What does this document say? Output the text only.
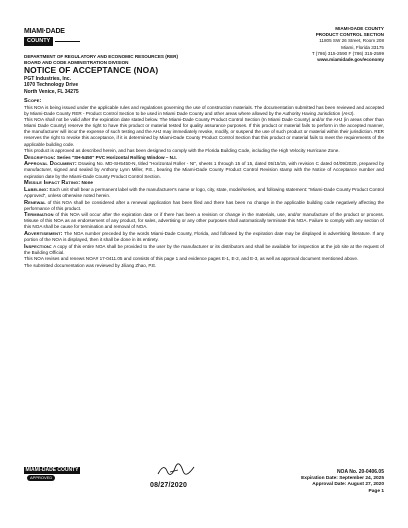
MIAMI·DADE
COUNTY
MIAMI-DADE COUNTY
PRODUCT CONTROL SECTION
11805 SW 26 Street, Room 208
Miami, Florida 33175
T (786) 315-2590 F (786) 315-2599
www.miamidade.gov/economy
DEPARTMENT OF REGULATORY AND ECONOMIC RESOURCES (RER)
BOARD AND CODE ADMINISTRATION DIVISION
NOTICE OF ACCEPTANCE (NOA)
PGT Industries, Inc.
1070 Technology Drive
North Venice, FL 34275

Scope:

This NOA is being issued under the applicable rules and regulations governing the use of construction materials. The documentation submitted has been reviewed and accepted by Miami-Dade County RER - Product Control Section to be used in Miami Dade County and other areas where allowed by the Authority Having Jurisdiction (AHJ).

This NOA shall not be valid after the expiration date stated below. The Miami-Dade County Product Control Section (In Miami Dade County) and/or the AHJ (in areas other than Miami Dade County) reserve the right to have this product or material tested for quality assurance purposes. If this product or material fails to perform in the accepted manner, the manufacturer will incur the expense of such testing and the AHJ may immediately revoke, modify, or suspend the use of such product or material within their jurisdiction. RER reserves the right to revoke this acceptance, if it is determined by Miami-Dade County Product Control Section that this product or material fails to meet the requirements of the applicable building code.

This product is approved as described herein, and has been designed to comply with the Florida Building Code, including the High Velocity Hurricane Zone.

Description: Series "SH-5450" PVC Horizontal Rolling Window – N.I.

Approval Document: Drawing No. MD-SH5450-N, titled "Horizontal Roller - NI", sheets 1 through 15 of 15, dated 05/15/15, with revision C dated 04/09/2020, prepared by manufacturer, signed and sealed by Anthony Lynn Miller, P.E., bearing the Miami-Dade County Product Control Revision stamp with the Notice of Acceptance number and expiration date by the Miami-Dade County Product Control Section.

Missile Impact Rating: None

Labeling: Each unit shall bear a permanent label with the manufacturer's name or logo, city, state, model/series, and following statement: "Miami-Dade County Product Control Approved", unless otherwise noted herein.

Renewal of this NOA shall be considered after a renewal application has been filed and there has been no change in the applicable building code negatively affecting the performance of this product.

Termination of this NOA will occur after the expiration date or if there has been a revision or change in the materials, use, and/or manufacture of the product or process. Misuse of this NOA as an endorsement of any product, for sales, advertising or any other purposes shall automatically terminate this NOA. Failure to comply with any section of this NOA shall be cause for termination and removal of NOA.

Advertisement: The NOA number preceded by the words Miami-Dade County, Florida, and followed by the expiration date may be displayed in advertising literature. If any portion of the NOA is displayed, then it shall be done in its entirety.

Inspection: A copy of this entire NOA shall be provided to the user by the manufacturer or its distributors and shall be available for inspection at the job site at the request of the Building Official.

This NOA revises and renews NOA# 17-0411.05 and consists of this page 1 and evidence pages E-1, E-2, and E-3, as well as approval document mentioned above.

The submitted documentation was reviewed by Jiliang Zhao, P.E.

MIAMI-DADE COUNTY
APPROVED
08/27/2020
NOA No. 20-0406.05
Expiration Date: September 24, 2025
Approval Date: August 27, 2020
Page 1
